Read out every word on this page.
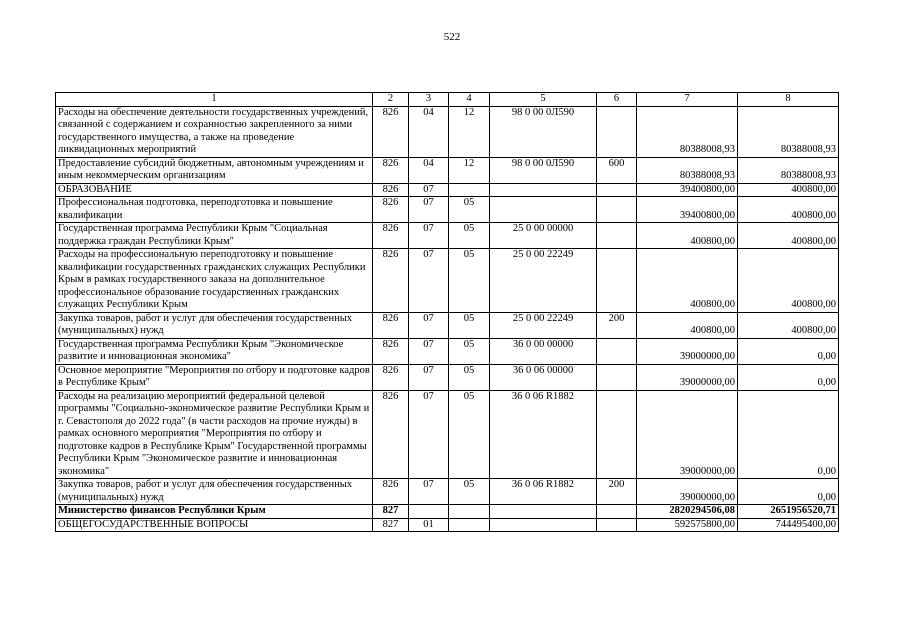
522
1	2	3	4	5	6	7	8
Расходы на обеспечение деятельности государственных учреждений, связанной с содержанием и сохранностью закрепленного за ними государственного имущества, а также на проведение ликвидационных мероприятий	826	04	12	98 0 00 0Л590		80388008,93	80388008,93
Предоставление субсидий бюджетным, автономным учреждениям и иным некоммерческим организациям	826	04	12	98 0 00 0Л590	600	80388008,93	80388008,93
ОБРАЗОВАНИЕ	826	07				39400800,00	400800,00
Профессиональная подготовка, переподготовка и повышение квалификации	826	07	05			39400800,00	400800,00
Государственная программа Республики Крым "Социальная поддержка граждан Республики Крым"	826	07	05	25 0 00 00000		400800,00	400800,00
Расходы на профессиональную переподготовку и повышение квалификации государственных гражданских служащих Республики Крым в рамках государственного заказа на дополнительное профессиональное образование государственных гражданских служащих Республики Крым	826	07	05	25 0 00 22249		400800,00	400800,00
Закупка товаров, работ и услуг для обеспечения государственных (муниципальных) нужд	826	07	05	25 0 00 22249	200	400800,00	400800,00
Государственная программа Республики Крым "Экономическое развитие и инновационная экономика"	826	07	05	36 0 00 00000		39000000,00	0,00
Основное мероприятие "Мероприятия по отбору и подготовке кадров в Республике Крым"	826	07	05	36 0 06 00000		39000000,00	0,00
Расходы на реализацию мероприятий федеральной целевой программы "Социально-экономическое развитие Республики Крым и г. Севастополя до 2022 года" (в части расходов на прочие нужды) в рамках основного мероприятия "Мероприятия по отбору и подготовке кадров в Республике Крым" Государственной программы Республики Крым "Экономическое развитие и инновационная экономика"	826	07	05	36 0 06 R1882		39000000,00	0,00
Закупка товаров, работ и услуг для обеспечения государственных (муниципальных) нужд	826	07	05	36 0 06 R1882	200	39000000,00	0,00
Министерство финансов Республики Крым	827					2820294506,08	2651956520,71
ОБЩЕГОСУДАРСТВЕННЫЕ ВОПРОСЫ	827	01				592575800,00	744495400,00
